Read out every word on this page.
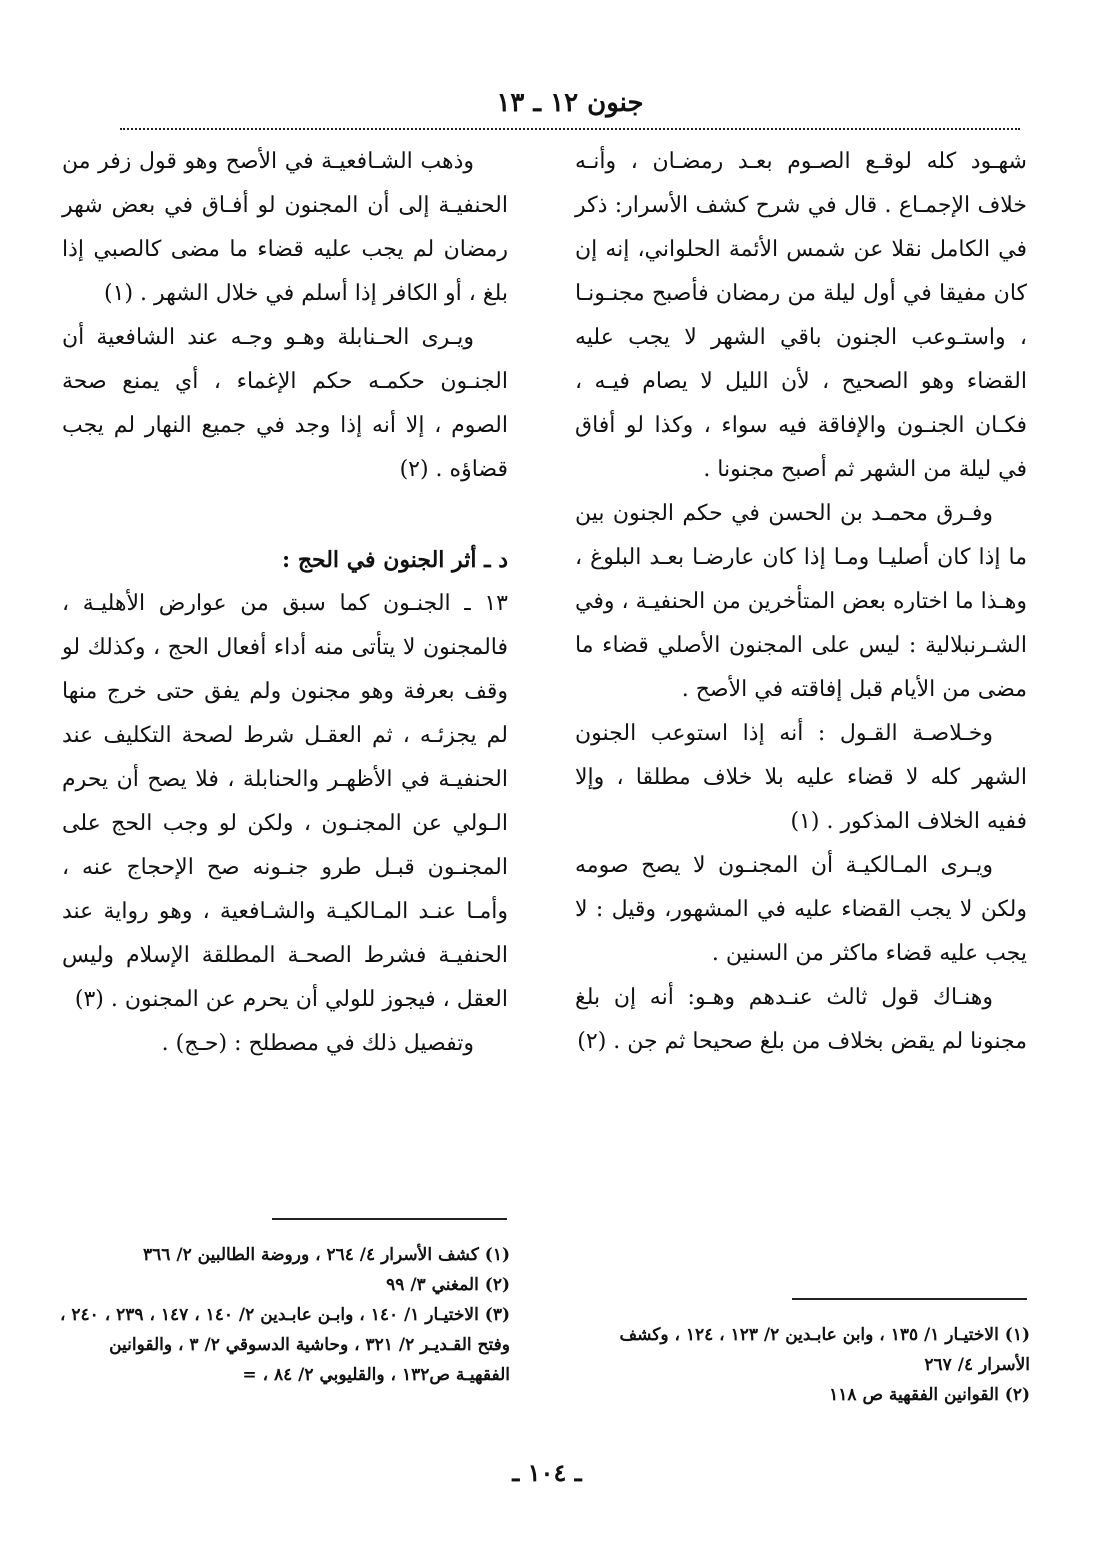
جنون ١٢ ـ ١٣

شهـود كله لوقـع الصـوم بعـد رمضـان ، وأنـه خلاف الإجمـاع . قال في شرح كشف الأسرار: ذكر في الكامل نقلا عن شمس الأئمة الحلواني، إنه إن كان مفيقا في أول ليلة من رمضان فأصبح مجنـونـا ، واستـوعب الجنون باقي الشهر لا يجب عليه القضاء وهو الصحيح ، لأن الليل لا يصام فيـه ، فكـان الجنـون والإفاقة فيه سواء ، وكذا لو أفاق في ليلة من الشهر ثم أصبح مجنونا .

وفـرق محمـد بن الحسن في حكم الجنون بين ما إذا كان أصليـا ومـا إذا كان عارضـا بعـد البلوغ ، وهـذا ما اختاره بعض المتأخرين من الحنفيـة ، وفي الشـرنبلالية : ليس على المجنون الأصلي قضاء ما مضى من الأيام قبل إفاقته في الأصح .

وخـلاصـة القـول : أنه إذا استوعب الجنون الشهر كله لا قضاء عليه بلا خلاف مطلقا ، وإلا ففيه الخلاف المذكور . (١)

ويـرى المـالكيـة أن المجنـون لا يصح صومه ولكن لا يجب القضاء عليه في المشهور، وقيل : لا يجب عليه قضاء ماكثر من السنين .

وهنـاك قول ثالث عنـدهم وهـو: أنه إن بلغ مجنونا لم يقض بخلاف من بلغ صحيحا ثم جن . (٢)

وذهب الشـافعيـة في الأصح وهو قول زفر من الحنفيـة إلى أن المجنون لو أفـاق في بعض شهر رمضان لم يجب عليه قضاء ما مضى كالصبي إذا بلغ ، أو الكافر إذا أسلم في خلال الشهر . (١)

ويـرى الحـنابلة وهـو وجـه عند الشافعية أن الجنـون حكمـه حكم الإغماء ، أي يمنع صحة الصوم ، إلا أنه إذا وجد في جميع النهار لم يجب قضاؤه . (٢)

د ـ أثر الجنون في الحج :

١٣ ـ الجنـون كما سبق من عوارض الأهليـة ، فالمجنون لا يتأتى منه أداء أفعال الحج ، وكذلك لو وقف بعرفة وهو مجنون ولم يفق حتى خرج منها لم يجزئـه ، ثم العقـل شرط لصحة التكليف عند الحنفيـة في الأظهـر والحنابلة ، فلا يصح أن يحرم الـولي عن المجنـون ، ولكن لو وجب الحج على المجنـون قبـل طرو جنـونه صح الإحجاج عنه ، وأمـا عنـد المـالكيـة والشـافعية ، وهو رواية عند الحنفيـة فشرط الصحـة المطلقة الإسلام وليس العقل ، فيجوز للولي أن يحرم عن المجنون . (٣)

وتفصيل ذلك في مصطلح : (حـج) .

(١) الاختيـار ١/ ١٣٥ ، وابن عابـدين ٢/ ١٢٣ ، ١٢٤ ، وكشف الأسرار ٤/ ٢٦٧

(٢) القوانين الفقهية ص ١١٨

(١) كشف الأسرار ٤/ ٢٦٤ ، وروضة الطالبين ٢/ ٣٦٦

(٢) المغني ٣/ ٩٩

(٣) الاختيـار ١/ ١٤٠ ، وابـن عابـدين ٢/ ١٤٠ ، ١٤٧ ، ٢٣٩ ، ٢٤٠ ، وفتح القـديـر ٢/ ٣٢١ ، وحاشية الدسوقي ٢/ ٣ ، والقوانين الفقهيـة ص١٣٢ ، والقليوبي ٢/ ٨٤ ، =

ـ ١٠٤ ـ
